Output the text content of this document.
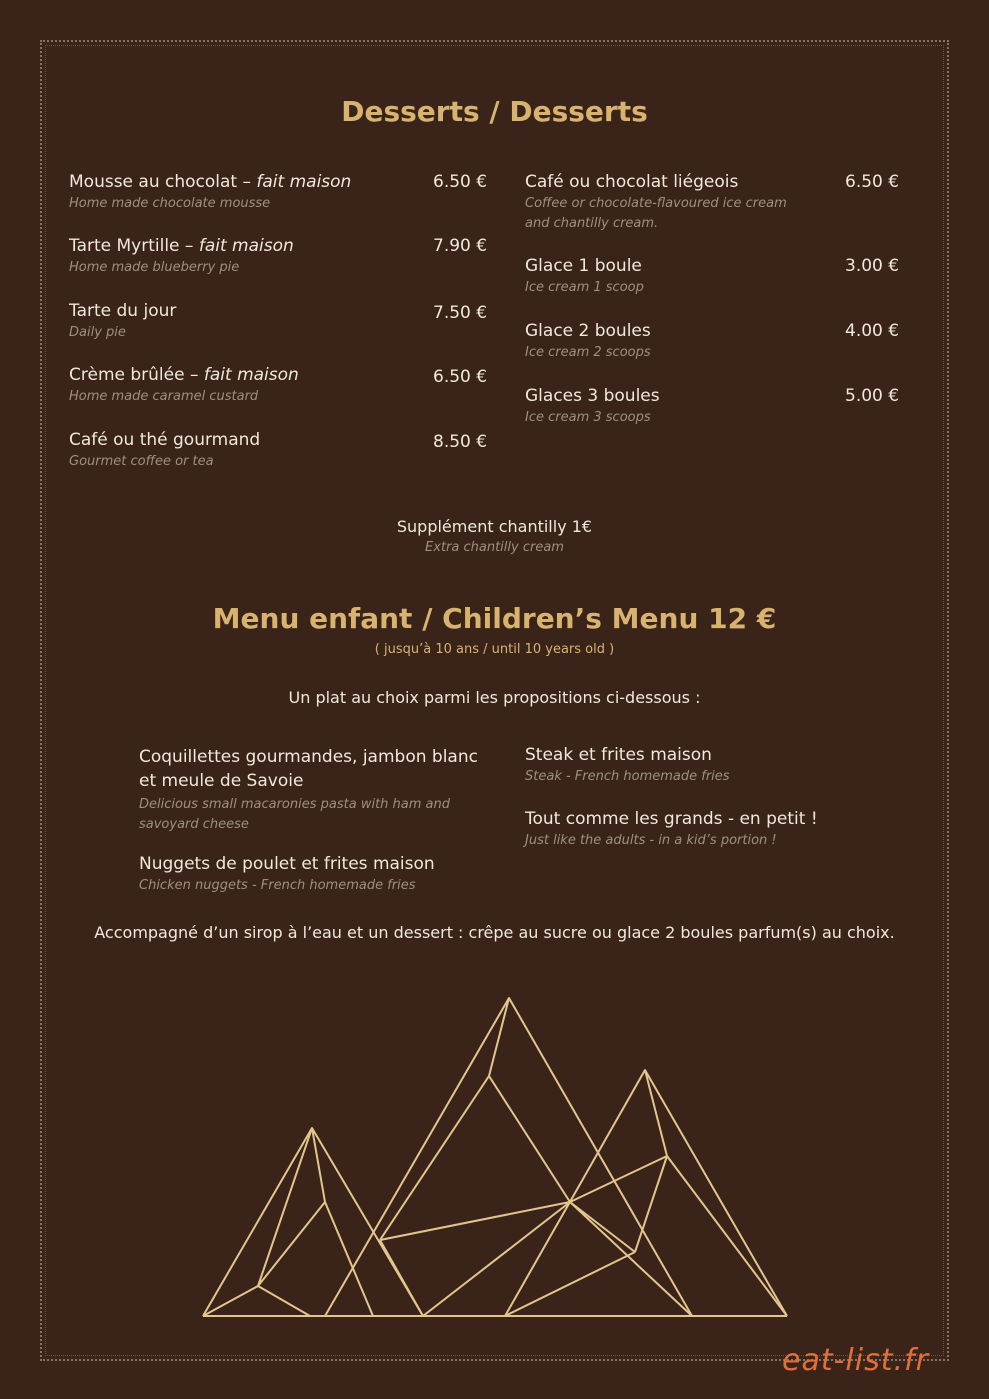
Desserts / Desserts
Mousse au chocolat – fait maison
Home made chocolate mousse
6.50 €
Tarte Myrtille – fait maison
Home made blueberry pie
7.90 €
Tarte du jour
Daily pie
7.50 €
Crème brûlée – fait maison
Home made caramel custard
6.50 €
Café ou thé gourmand
Gourmet coffee or tea
8.50 €
Café ou chocolat liégeois
Coffee or chocolate-flavoured ice cream
and chantilly cream.
6.50 €
Glace 1 boule
Ice cream 1 scoop
3.00 €
Glace 2 boules
Ice cream 2 scoops
4.00 €
Glaces 3 boules
Ice cream 3 scoops
5.00 €
Supplément chantilly 1€
Extra chantilly cream
Menu enfant / Children’s Menu 12 €
( jusqu’à 10 ans / until 10 years old )
Un plat au choix parmi les propositions ci-dessous :
Coquillettes gourmandes, jambon blanc
et meule de Savoie
Delicious small macaronies pasta with ham and
savoyard cheese
Nuggets de poulet et frites maison
Chicken nuggets - French homemade fries
Steak et frites maison
Steak - French homemade fries
Tout comme les grands - en petit !
Just like the adults - in a kid’s portion !
Accompagné d’un sirop à l’eau et un dessert : crêpe au sucre ou glace 2 boules parfum(s) au choix.
eat-list.fr
